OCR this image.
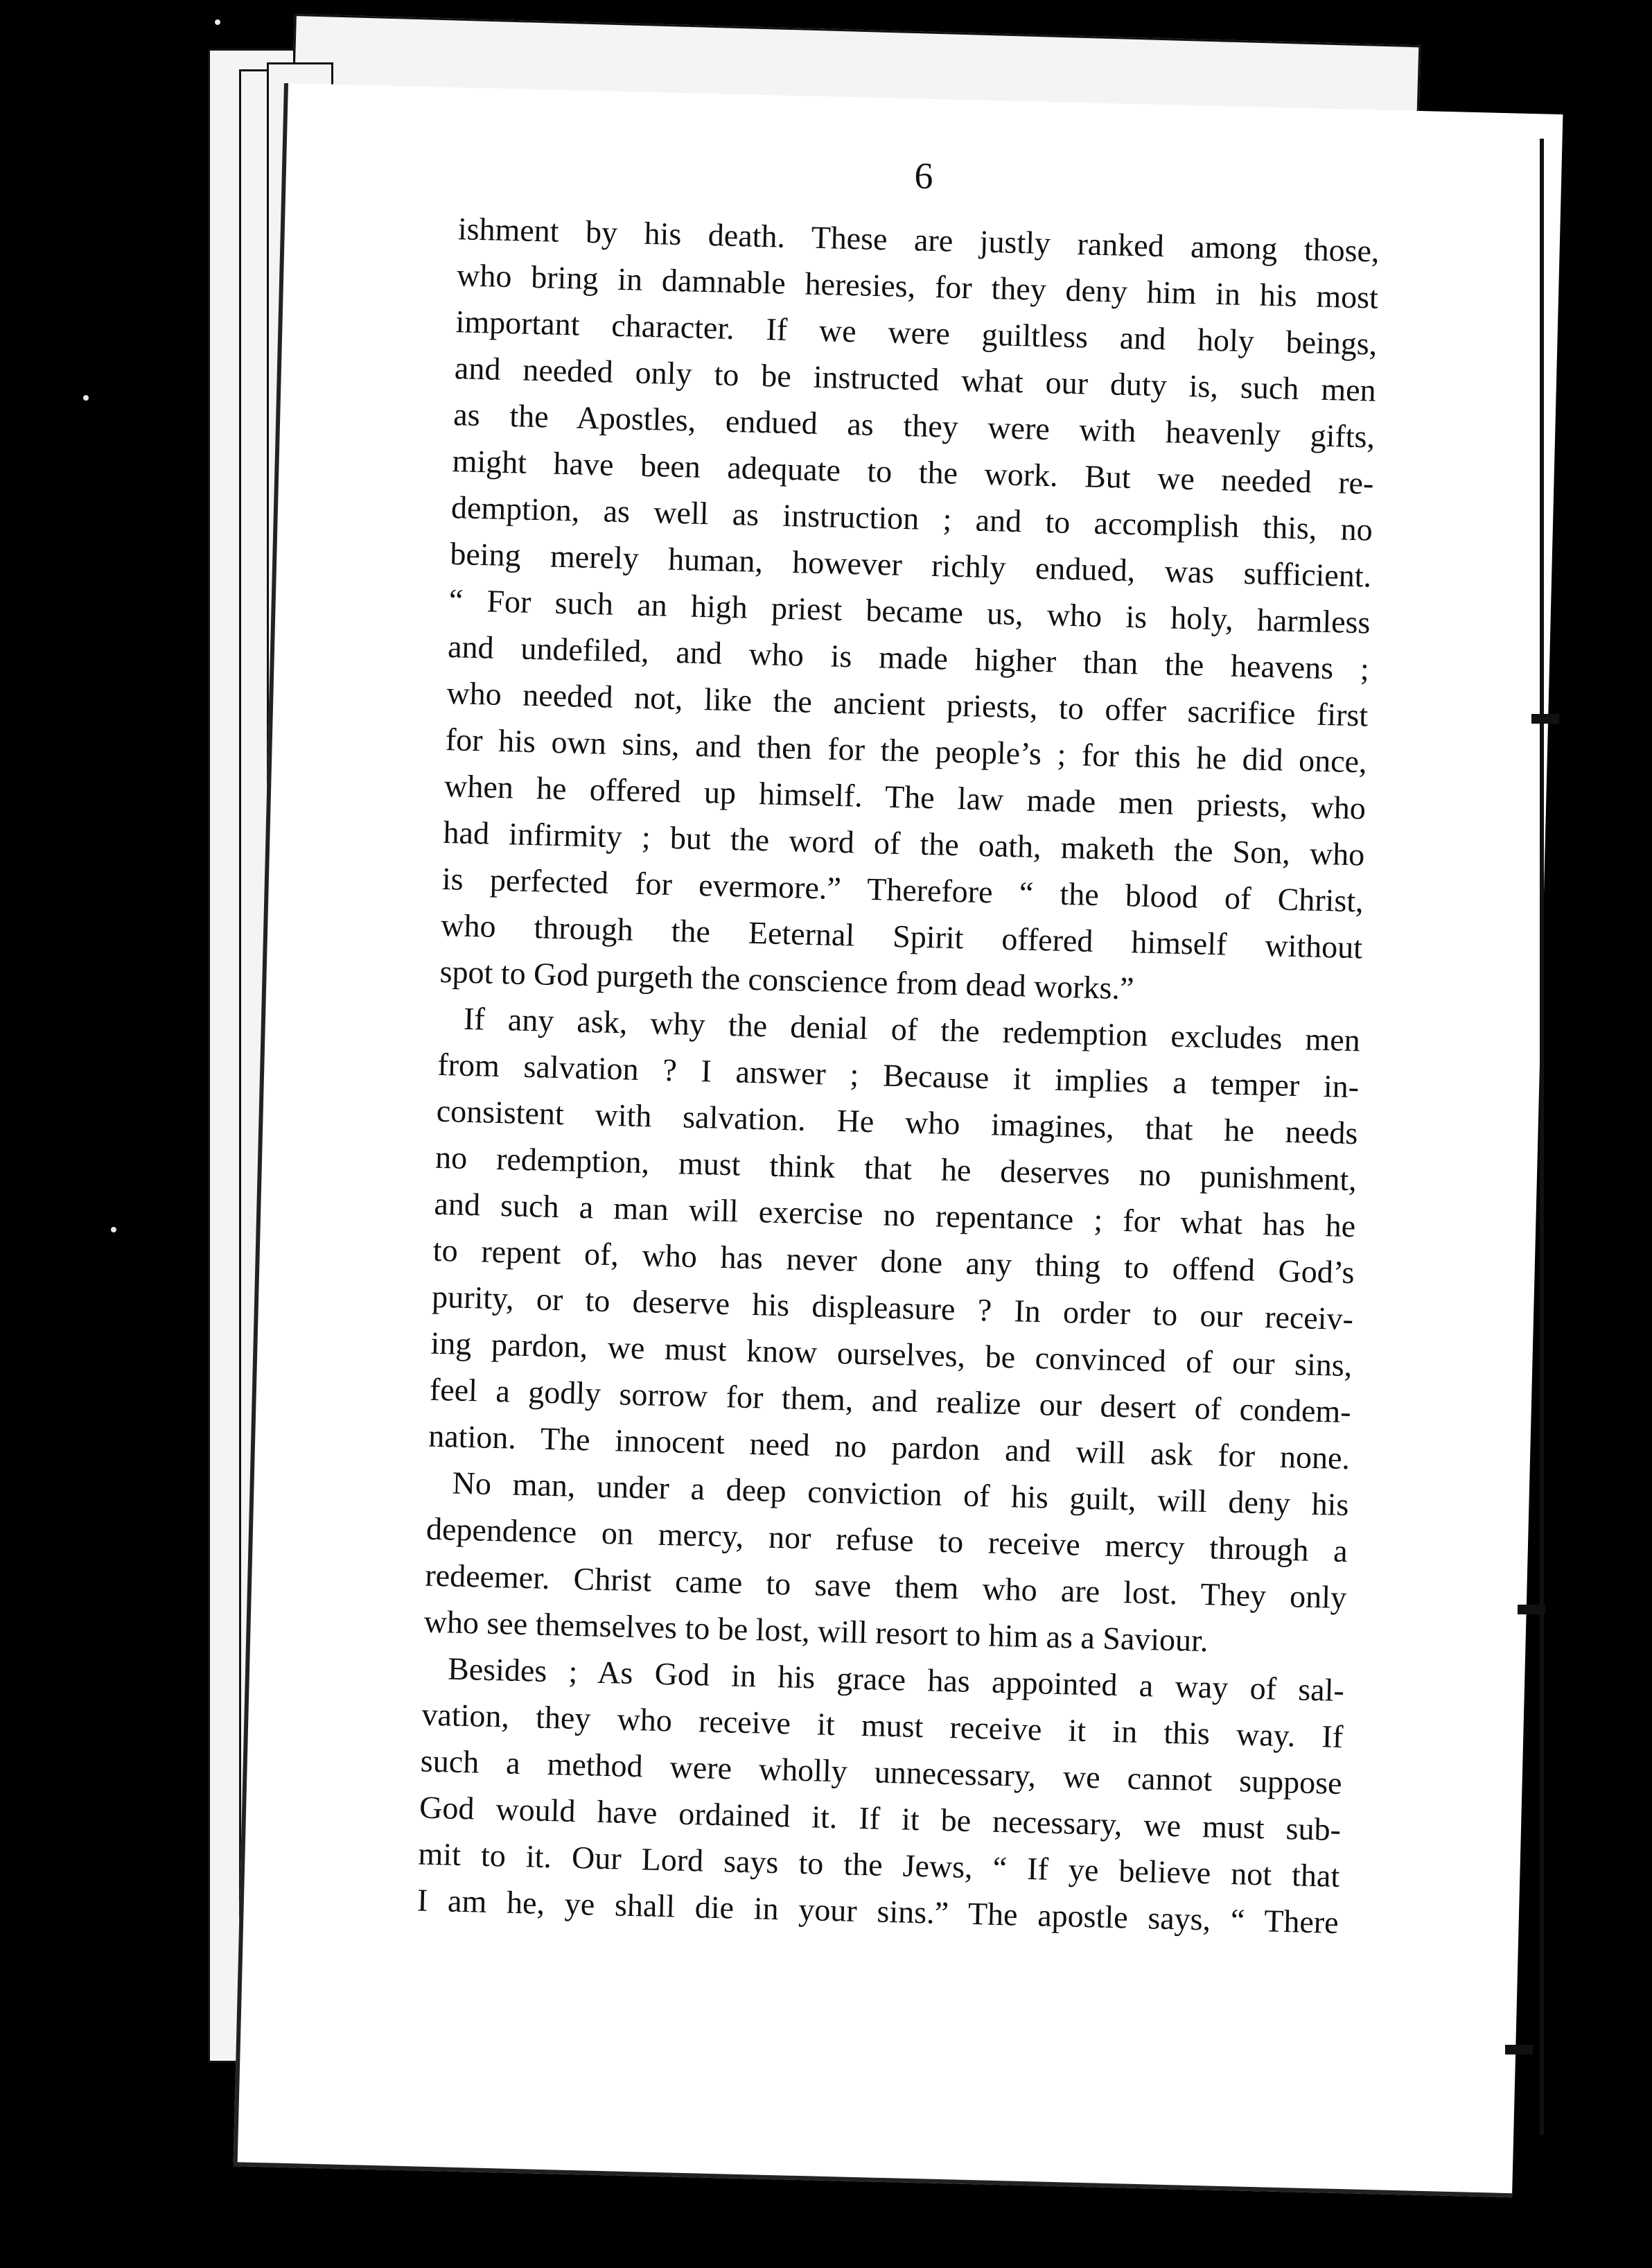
6
ishment by his death. These are justly ranked among those,
who bring in damnable heresies, for they deny him in his most
important character. If we were guiltless and holy beings,
and needed only to be instructed what our duty is, such men
as the Apostles, endued as they were with heavenly gifts,
might have been adequate to the work. But we needed re-
demption, as well as instruction ; and to accomplish this, no
being merely human, however richly endued, was sufficient.
“ For such an high priest became us, who is holy, harmless
and undefiled, and who is made higher than the heavens ;
who needed not, like the ancient priests, to offer sacrifice first
for his own sins, and then for the people’s ; for this he did once,
when he offered up himself. The law made men priests, who
had infirmity ; but the word of the oath, maketh the Son, who
is perfected for evermore.” Therefore “ the blood of Christ,
who through the Eeternal Spirit offered himself without
spot to God purgeth the conscience from dead works.”
If any ask, why the denial of the redemption excludes men
from salvation ? I answer ; Because it implies a temper in-
consistent with salvation. He who imagines, that he needs
no redemption, must think that he deserves no punishment,
and such a man will exercise no repentance ; for what has he
to repent of, who has never done any thing to offend God’s
purity, or to deserve his displeasure ? In order to our receiv-
ing pardon, we must know ourselves, be convinced of our sins,
feel a godly sorrow for them, and realize our desert of condem-
nation. The innocent need no pardon and will ask for none.
No man, under a deep conviction of his guilt, will deny his
dependence on mercy, nor refuse to receive mercy through a
redeemer. Christ came to save them who are lost. They only
who see themselves to be lost, will resort to him as a Saviour.
Besides ; As God in his grace has appointed a way of sal-
vation, they who receive it must receive it in this way. If
such a method were wholly unnecessary, we cannot suppose
God would have ordained it. If it be necessary, we must sub-
mit to it. Our Lord says to the Jews, “ If ye believe not that
I am he, ye shall die in your sins.” The apostle says, “ There
